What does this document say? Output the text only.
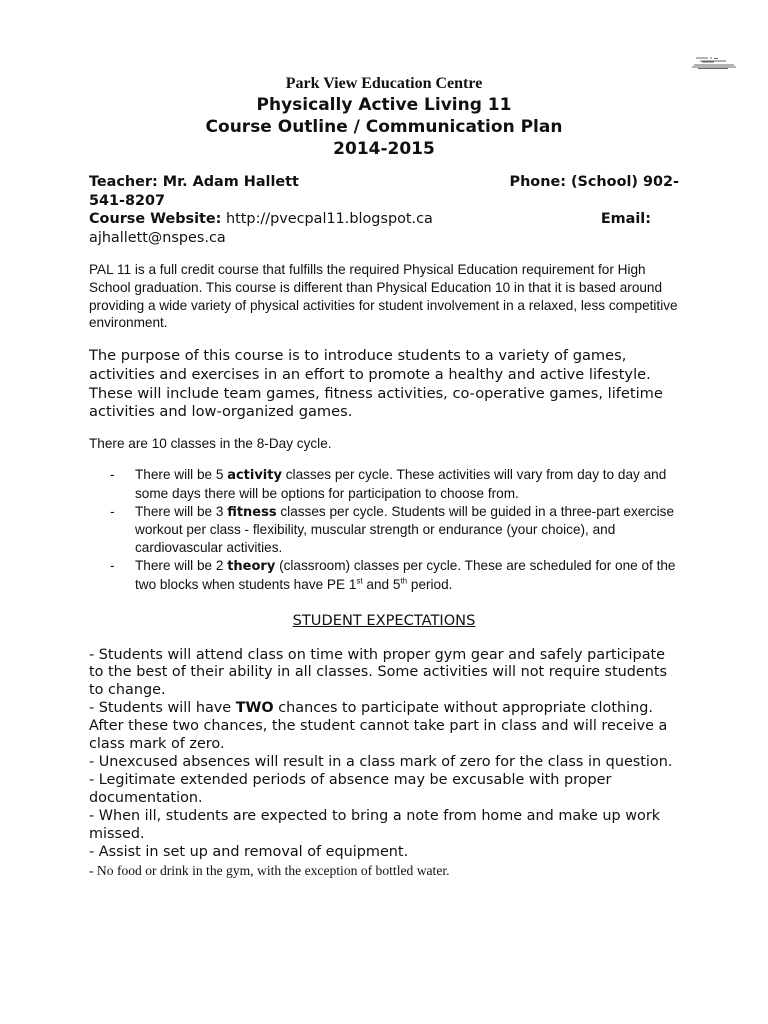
Park View Education Centre

Physically Active Living 11

Course Outline / Communication Plan

2014-2015

Teacher: Mr. Adam Hallett	Phone: (School) 902-
541-8207
Course Website: http://pvecpal11.blogspot.ca	Email:
ajhallett@nspes.ca

PAL 11 is a full credit course that fulfills the required Physical Education requirement for High School graduation. This course is different than Physical Education 10 in that it is based around providing a wide variety of physical activities for student involvement in a relaxed, less competitive environment.

The purpose of this course is to introduce students to a variety of games, activities and exercises in an effort to promote a healthy and active lifestyle. These will include team games, fitness activities, co-operative games, lifetime activities and low-organized games.

There are 10 classes in the 8-Day cycle.

- There will be 5 activity classes per cycle. These activities will vary from day to day and some days there will be options for participation to choose from.
- There will be 3 fitness classes per cycle. Students will be guided in a three-part exercise workout per class - flexibility, muscular strength or endurance (your choice), and cardiovascular activities.
- There will be 2 theory (classroom) classes per cycle. These are scheduled for one of the two blocks when students have PE 1st and 5th period.
STUDENT EXPECTATIONS

- Students will attend class on time with proper gym gear and safely participate to the best of their ability in all classes. Some activities will not require students to change.

- Students will have TWO chances to participate without appropriate clothing. After these two chances, the student cannot take part in class and will receive a class mark of zero.

- Unexcused absences will result in a class mark of zero for the class in question.

- Legitimate extended periods of absence may be excusable with proper documentation.

- When ill, students are expected to bring a note from home and make up work missed.

- Assist in set up and removal of equipment.

- No food or drink in the gym, with the exception of bottled water.
